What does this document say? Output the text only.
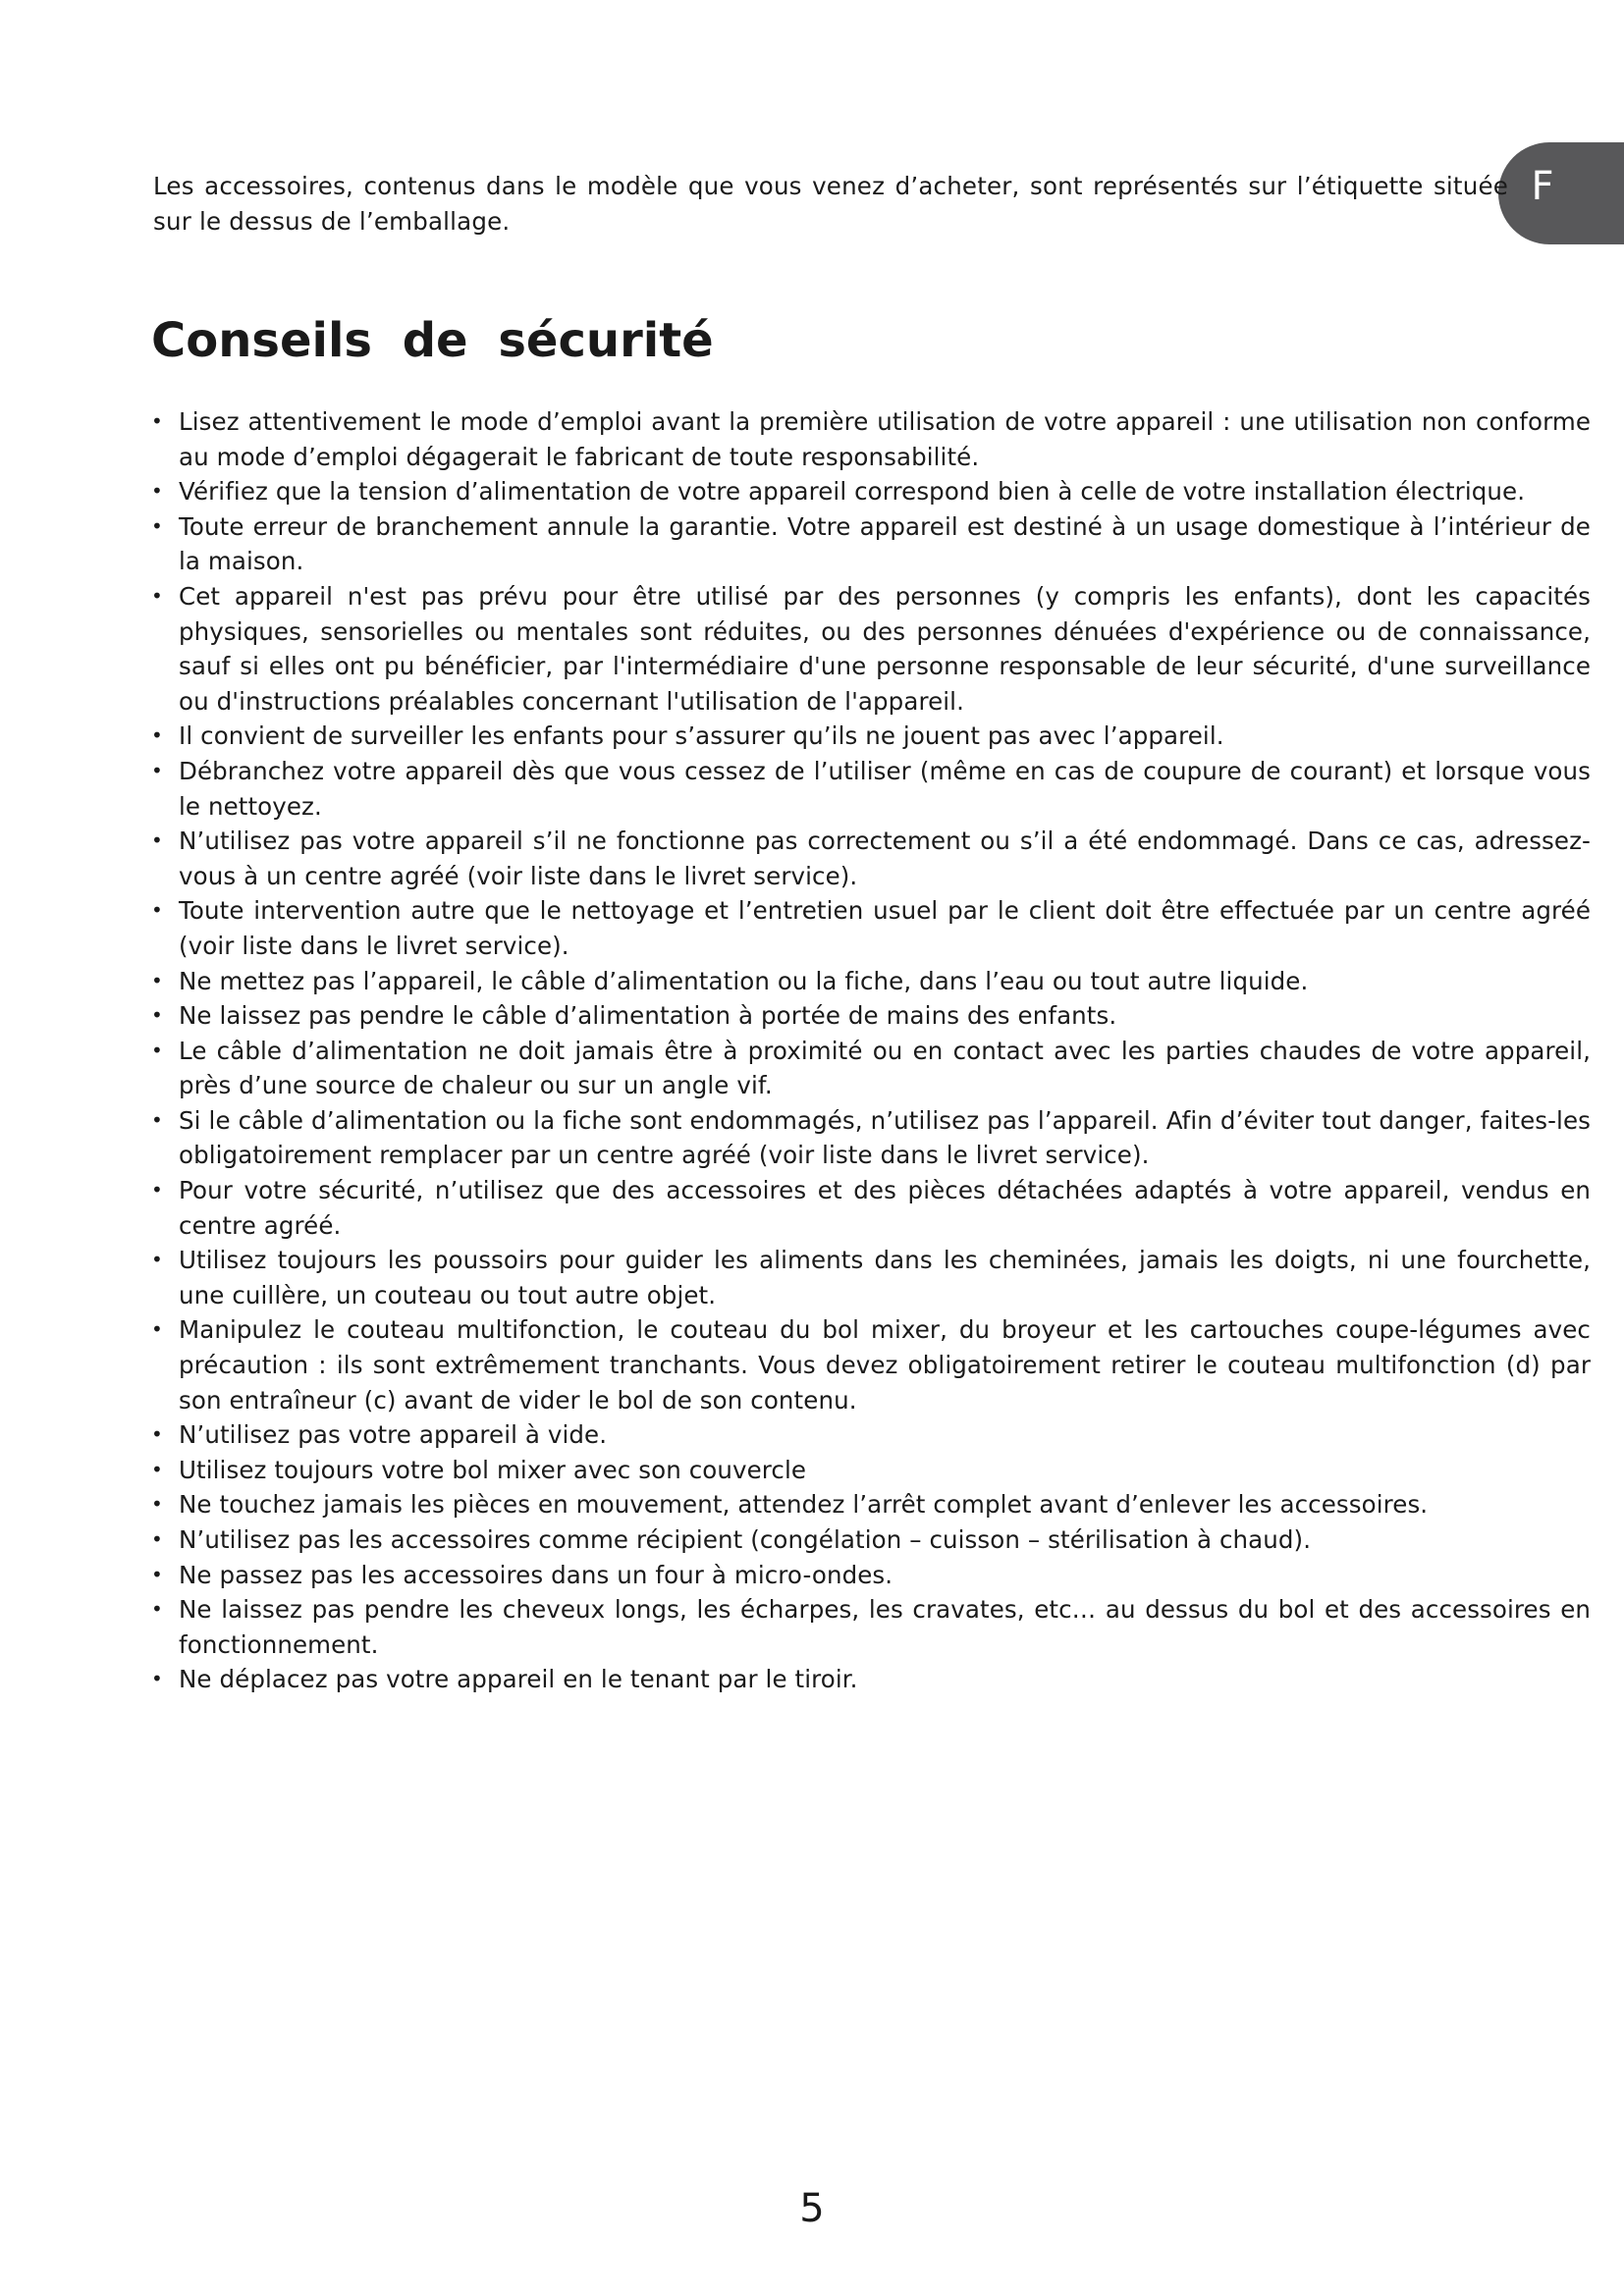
F

Les accessoires, contenus dans le modèle que vous venez d’acheter, sont représentés sur l’étiquette située sur le dessus de l’emballage.

Conseils de sécurité
• Lisez attentivement le mode d’emploi avant la première utilisation de votre appareil : une utilisation non conforme au mode d’emploi dégagerait le fabricant de toute responsabilité.
• Vérifiez que la tension d’alimentation de votre appareil correspond bien à celle de votre installation électrique.
• Toute erreur de branchement annule la garantie. Votre appareil est destiné à un usage domestique à l’intérieur de la maison.
• Cet appareil n'est pas prévu pour être utilisé par des personnes (y compris les enfants), dont les capacités physiques, sensorielles ou mentales sont réduites, ou des personnes dénuées d'expérience ou de connaissance, sauf si elles ont pu bénéficier, par l'intermédiaire d'une personne responsable de leur sécurité, d'une surveillance ou d'instructions préalables concernant l'utilisation de l'appareil.
• Il convient de surveiller les enfants pour s’assurer qu’ils ne jouent pas avec l’appareil.
• Débranchez votre appareil dès que vous cessez de l’utiliser (même en cas de coupure de courant) et lorsque vous le nettoyez.
• N’utilisez pas votre appareil s’il ne fonctionne pas correctement ou s’il a été endommagé. Dans ce cas, adressez-vous à un centre agréé (voir liste dans le livret service).
• Toute intervention autre que le nettoyage et l’entretien usuel par le client doit être effectuée par un centre agréé (voir liste dans le livret service).
• Ne mettez pas l’appareil, le câble d’alimentation ou la fiche, dans l’eau ou tout autre liquide.
• Ne laissez pas pendre le câble d’alimentation à portée de mains des enfants.
• Le câble d’alimentation ne doit jamais être à proximité ou en contact avec les parties chaudes de votre appareil, près d’une source de chaleur ou sur un angle vif.
• Si le câble d’alimentation ou la fiche sont endommagés, n’utilisez pas l’appareil. Afin d’éviter tout danger, faites-les obligatoirement remplacer par un centre agréé (voir liste dans le livret service).
• Pour votre sécurité, n’utilisez que des accessoires et des pièces détachées adaptés à votre appareil, vendus en centre agréé.
• Utilisez toujours les poussoirs pour guider les aliments dans les cheminées, jamais les doigts, ni une fourchette, une cuillère, un couteau ou tout autre objet.
• Manipulez le couteau multifonction, le couteau du bol mixer, du broyeur et les cartouches coupe-légumes avec précaution : ils sont extrêmement tranchants. Vous devez obligatoirement retirer le couteau multifonction (d) par son entraîneur (c) avant de vider le bol de son contenu.
• N’utilisez pas votre appareil à vide.
• Utilisez toujours votre bol mixer avec son couvercle
• Ne touchez jamais les pièces en mouvement, attendez l’arrêt complet avant d’enlever les accessoires.
• N’utilisez pas les accessoires comme récipient (congélation – cuisson – stérilisation à chaud).
• Ne passez pas les accessoires dans un four à micro-ondes.
• Ne laissez pas pendre les cheveux longs, les écharpes, les cravates, etc… au dessus du bol et des accessoires en fonctionnement.
• Ne déplacez pas votre appareil en le tenant par le tiroir.
5
